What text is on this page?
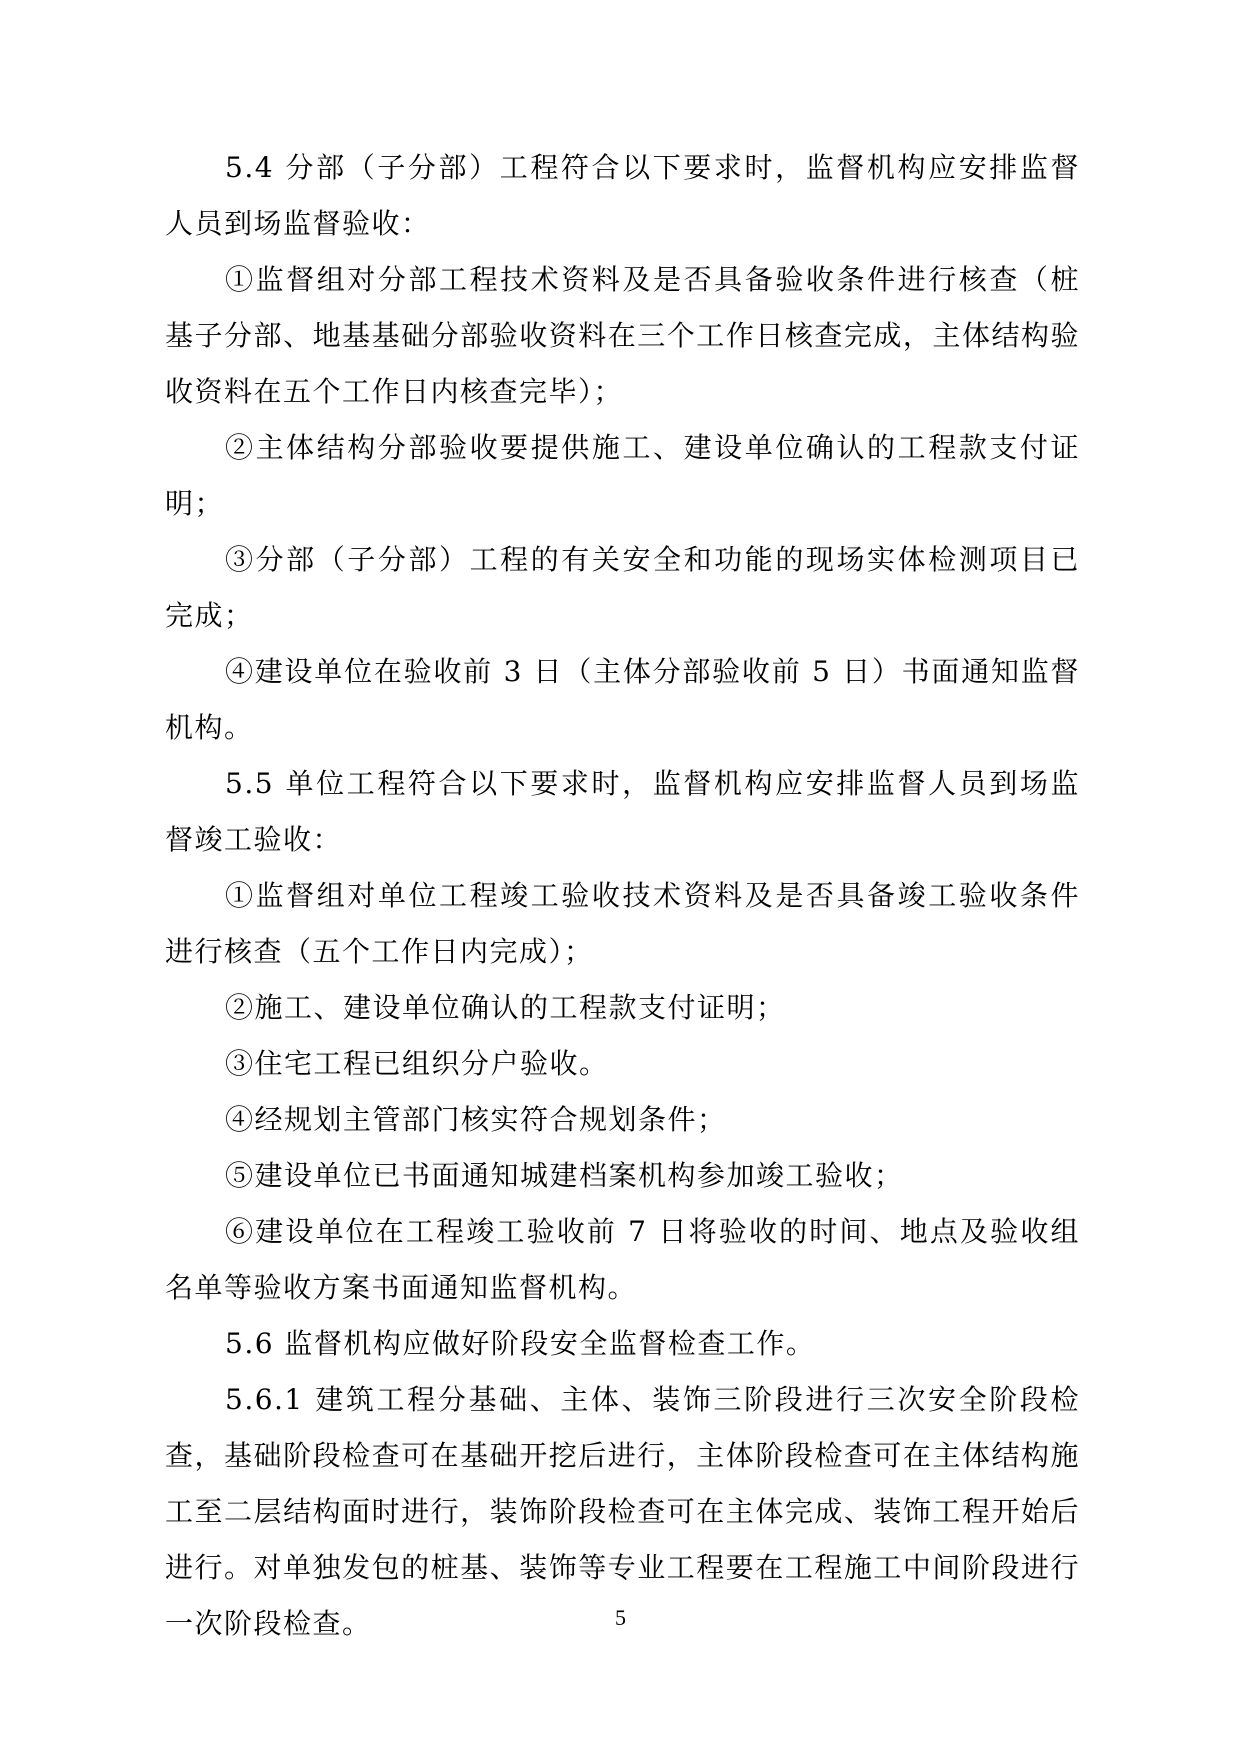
5.4 分部（子分部）工程符合以下要求时，监督机构应安排监督人员到场监督验收：

①监督组对分部工程技术资料及是否具备验收条件进行核查（桩基子分部、地基基础分部验收资料在三个工作日核查完成，主体结构验收资料在五个工作日内核查完毕）；

②主体结构分部验收要提供施工、建设单位确认的工程款支付证明；

③分部（子分部）工程的有关安全和功能的现场实体检测项目已完成；

④建设单位在验收前 3 日（主体分部验收前 5 日）书面通知监督机构。

5.5 单位工程符合以下要求时，监督机构应安排监督人员到场监督竣工验收：

①监督组对单位工程竣工验收技术资料及是否具备竣工验收条件进行核查（五个工作日内完成）；

②施工、建设单位确认的工程款支付证明；

③住宅工程已组织分户验收。

④经规划主管部门核实符合规划条件；

⑤建设单位已书面通知城建档案机构参加竣工验收；

⑥建设单位在工程竣工验收前 7 日将验收的时间、地点及验收组名单等验收方案书面通知监督机构。

5.6 监督机构应做好阶段安全监督检查工作。

5.6.1 建筑工程分基础、主体、装饰三阶段进行三次安全阶段检查，基础阶段检查可在基础开挖后进行，主体阶段检查可在主体结构施工至二层结构面时进行，装饰阶段检查可在主体完成、装饰工程开始后进行。对单独发包的桩基、装饰等专业工程要在工程施工中间阶段进行一次阶段检查。	5
